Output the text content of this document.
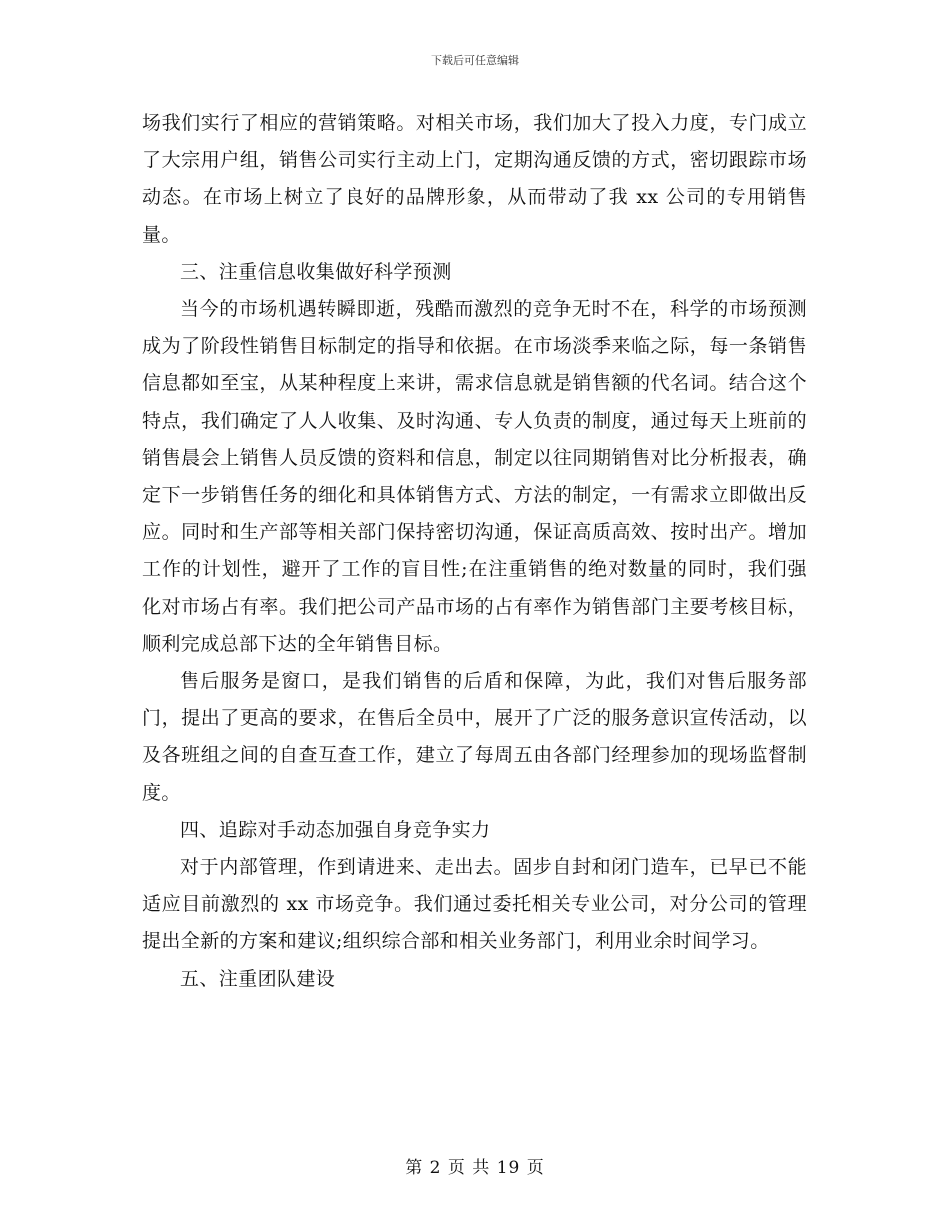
下载后可任意编辑

场我们实行了相应的营销策略。对相关市场，我们加大了投入力度，专门成立了大宗用户组，销售公司实行主动上门，定期沟通反馈的方式，密切跟踪市场动态。在市场上树立了良好的品牌形象，从而带动了我 xx 公司的专用销售量。

三、注重信息收集做好科学预测

当今的市场机遇转瞬即逝，残酷而激烈的竞争无时不在，科学的市场预测成为了阶段性销售目标制定的指导和依据。在市场淡季来临之际，每一条销售信息都如至宝，从某种程度上来讲，需求信息就是销售额的代名词。结合这个特点，我们确定了人人收集、及时沟通、专人负责的制度，通过每天上班前的销售晨会上销售人员反馈的资料和信息，制定以往同期销售对比分析报表，确定下一步销售任务的细化和具体销售方式、方法的制定，一有需求立即做出反应。同时和生产部等相关部门保持密切沟通，保证高质高效、按时出产。增加工作的计划性，避开了工作的盲目性;在注重销售的绝对数量的同时，我们强化对市场占有率。我们把公司产品市场的占有率作为销售部门主要考核目标，顺利完成总部下达的全年销售目标。

售后服务是窗口，是我们销售的后盾和保障，为此，我们对售后服务部门，提出了更高的要求，在售后全员中，展开了广泛的服务意识宣传活动，以及各班组之间的自查互查工作，建立了每周五由各部门经理参加的现场监督制度。

四、追踪对手动态加强自身竞争实力

对于内部管理，作到请进来、走出去。固步自封和闭门造车，已早已不能适应目前激烈的 xx 市场竞争。我们通过委托相关专业公司，对分公司的管理提出全新的方案和建议;组织综合部和相关业务部门，利用业余时间学习。

五、注重团队建设

第 2 页 共 19 页
